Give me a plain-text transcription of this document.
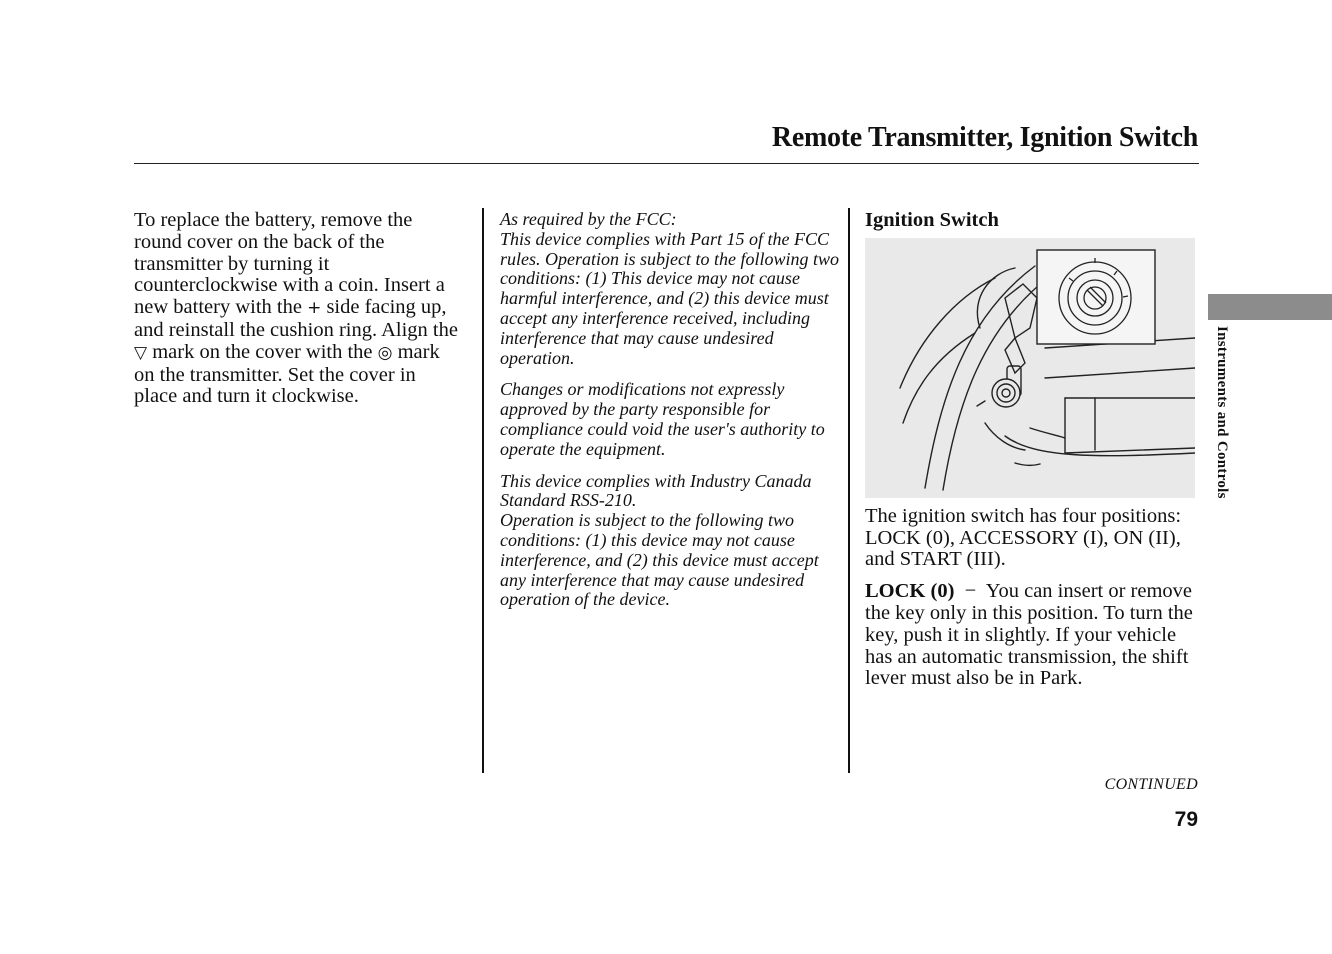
Remote Transmitter, Ignition Switch

To replace the battery, remove the round cover on the back of the transmitter by turning it counterclockwise with a coin. Insert a new battery with the + side facing up, and reinstall the cushion ring. Align the ▽ mark on the cover with the ◎ mark on the transmitter. Set the cover in place and turn it clockwise.

As required by the FCC:
This device complies with Part 15 of the FCC rules. Operation is subject to the following two conditions: (1) This device may not cause harmful interference, and (2) this device must accept any interference received, including interference that may cause undesired operation.

Changes or modifications not expressly approved by the party responsible for compliance could void the user's authority to operate the equipment.

This device complies with Industry Canada Standard RSS-210.
Operation is subject to the following two conditions: (1) this device may not cause interference, and (2) this device must accept any interference that may cause undesired operation of the device.

Ignition Switch

The ignition switch has four positions: LOCK (0), ACCESSORY (I), ON (II), and START (III).

LOCK (0) − You can insert or remove the key only in this position. To turn the key, push it in slightly. If your vehicle has an automatic transmission, the shift lever must also be in Park.

CONTINUED
79
Instruments and Controls
